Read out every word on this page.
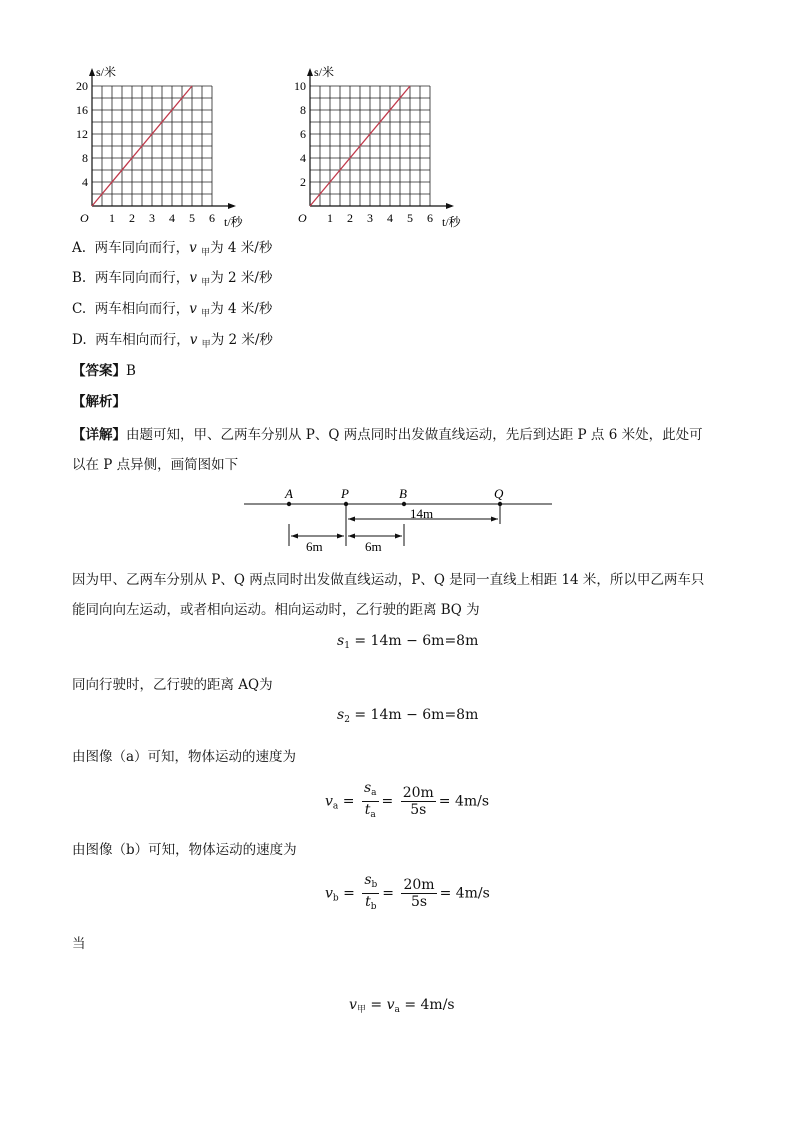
20
16
12
8
4
1 2 3 4 5 6
O
s/米
t/秒
10
8
6
4
2
1 2 3 4 5 6
O
s/米
t/秒
A. 两车同向而行，v $_甲$为 4 米/秒
B. 两车同向而行，v $_甲$为 2 米/秒
C. 两车相向而行，v $_甲$为 4 米/秒
D. 两车相向而行，v $_甲$为 2 米/秒
【答案】B
【解析】
【详解】由题可知，甲、乙两车分别从 P、Q 两点同时出发做直线运动，先后到达距 P 点 6 米处，此处可
以在 P 点异侧，画简图如下
A	P	B	Q
14m
6m	6m
因为甲、乙两车分别从 P、Q 两点同时出发做直线运动，P、Q 是同一直线上相距 14 米，所以甲乙两车只
能同向向左运动，或者相向运动。相向运动时，乙行驶的距离 BQ 为
$s_1 = 14m - 6m=8m$
同向行驶时，乙行驶的距离 AQ为
$s_2 = 14m - 6m=8m$
由图像（a）可知，物体运动的速度为
$v_a = \frac{s_a}{t_a} = \frac{20m}{5s} = 4m/s$
由图像（b）可知，物体运动的速度为
$v_b = \frac{s_b}{t_b} = \frac{20m}{5s} = 4m/s$
当
$v_甲 = v_a = 4m/s$
